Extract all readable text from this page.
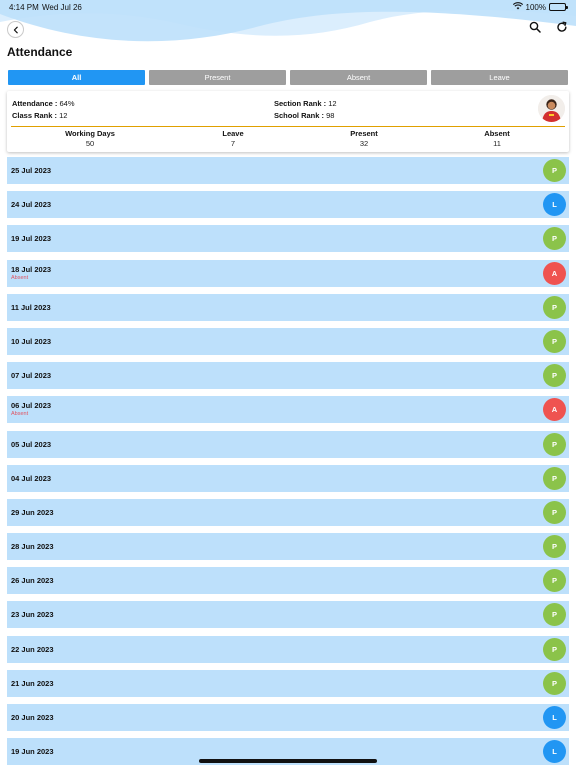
4:14 PM Wed Jul 26	100%
Attendance
All	Present	Absent	Leave
Attendance : 64%
Class Rank : 12
Section Rank : 12
School Rank : 98
Working Days
50
Leave
7
Present
32
Absent
11
25 Jul 2023	P
24 Jul 2023	L
19 Jul 2023	P
18 Jul 2023
Absent	A
11 Jul 2023	P
10 Jul 2023	P
07 Jul 2023	P
06 Jul 2023
Absent	A
05 Jul 2023	P
04 Jul 2023	P
29 Jun 2023	P
28 Jun 2023	P
26 Jun 2023	P
23 Jun 2023	P
22 Jun 2023	P
21 Jun 2023	P
20 Jun 2023	L
19 Jun 2023	L
